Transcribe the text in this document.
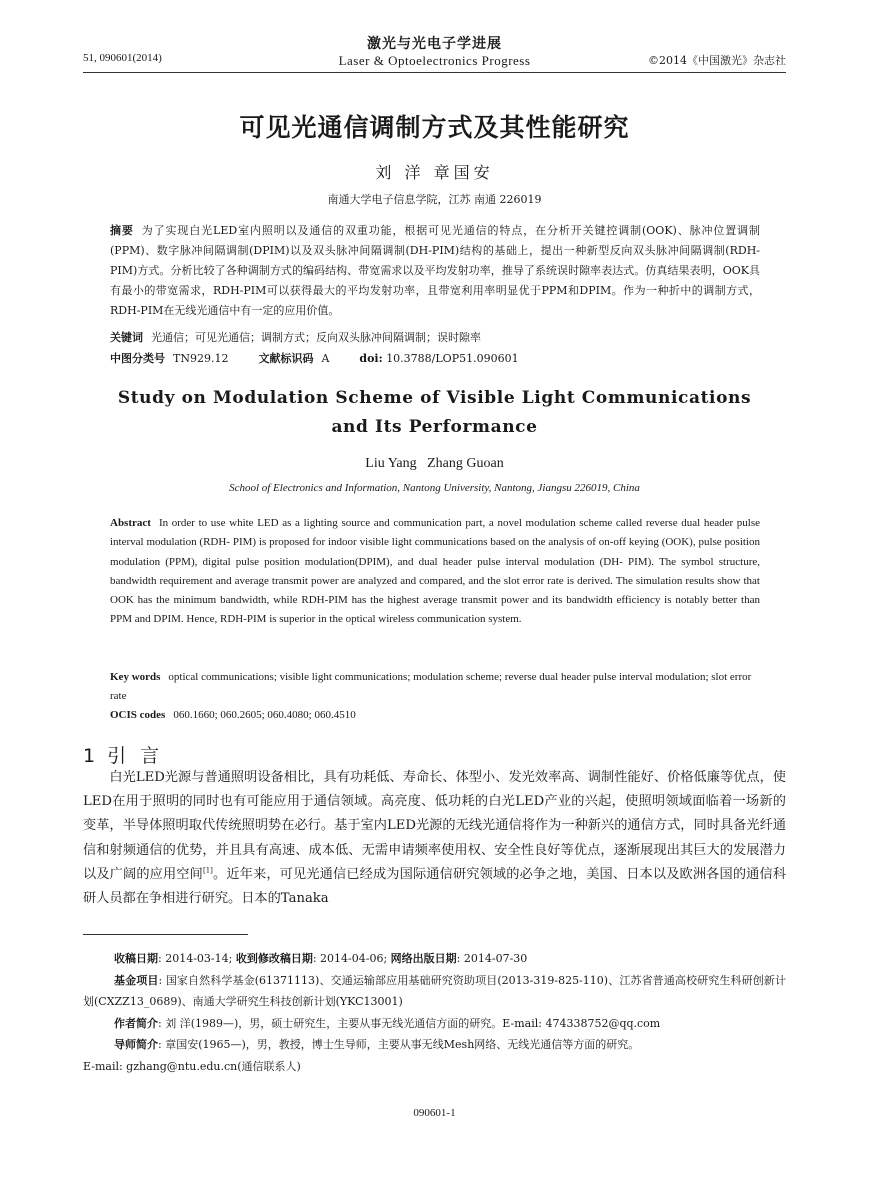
51, 090601(2014)
激光与光电子学进展
Laser & Optoelectronics Progress	©2014《中国激光》杂志社
可见光通信调制方式及其性能研究
刘 洋 章国安
南通大学电子信息学院，江苏 南通 226019
摘要 为了实现白光LED室内照明以及通信的双重功能，根据可见光通信的特点，在分析开关键控调制(OOK)、脉冲位置调制(PPM)、数字脉冲间隔调制(DPIM)以及双头脉冲间隔调制(DH-PIM)结构的基础上，提出一种新型反向双头脉冲间隔调制(RDH-PIM)方式。分析比较了各种调制方式的编码结构、带宽需求以及平均发射功率，推导了系统误时隙率表达式。仿真结果表明，OOK具有最小的带宽需求，RDH-PIM可以获得最大的平均发射功率，且带宽利用率明显优于PPM和DPIM。作为一种折中的调制方式，RDH-PIM在无线光通信中有一定的应用价值。
关键词 光通信；可见光通信；调制方式；反向双头脉冲间隔调制；误时隙率
中图分类号 TN929.12	文献标识码 A	doi: 10.3788/LOP51.090601
Study on Modulation Scheme of Visible Light Communications
and Its Performance
Liu Yang   Zhang Guoan
School of Electronics and Information, Nantong University, Nantong, Jiangsu 226019, China
Abstract In order to use white LED as a lighting source and communication part, a novel modulation scheme called reverse dual header pulse interval modulation (RDH- PIM) is proposed for indoor visible light communications based on the analysis of on-off keying (OOK), pulse position modulation (PPM), digital pulse position modulation(DPIM), and dual header pulse interval modulation (DH- PIM). The symbol structure, bandwidth requirement and average transmit power are analyzed and compared, and the slot error rate is derived. The simulation results show that OOK has the minimum bandwidth, while RDH-PIM has the highest average transmit power and its bandwidth efficiency is notably better than PPM and DPIM. Hence, RDH-PIM is superior in the optical wireless communication system.
Key words optical communications; visible light communications; modulation scheme; reverse dual header pulse interval modulation; slot error rate
OCIS codes 060.1660; 060.2605; 060.4080; 060.4510
1 引 言
白光LED光源与普通照明设备相比，具有功耗低、寿命长、体型小、发光效率高、调制性能好、价格低廉等优点，使LED在用于照明的同时也有可能应用于通信领域。高亮度、低功耗的白光LED产业的兴起，使照明领域面临着一场新的变革，半导体照明取代传统照明势在必行。基于室内LED光源的无线光通信将作为一种新兴的通信方式，同时具备光纤通信和射频通信的优势，并且具有高速、成本低、无需申请频率使用权、安全性良好等优点，逐渐展现出其巨大的发展潜力以及广阔的应用空间[1]。近年来，可见光通信已经成为国际通信研究领域的必争之地，美国、日本以及欧洲各国的通信科研人员都在争相进行研究。日本的Tanaka
收稿日期: 2014-03-14; 收到修改稿日期: 2014-04-06; 网络出版日期: 2014-07-30
基金项目: 国家自然科学基金(61371113)、交通运输部应用基础研究资助项目(2013-319-825-110)、江苏省普通高校研究生科研创新计划(CXZZ13_0689)、南通大学研究生科技创新计划(YKC13001)
作者简介: 刘 洋(1989—)，男，硕士研究生，主要从事无线光通信方面的研究。E-mail: 474338752@qq.com
导师简介: 章国安(1965—)，男，教授，博士生导师，主要从事无线Mesh网络、无线光通信等方面的研究。
E-mail: gzhang@ntu.edu.cn(通信联系人)
090601-1
